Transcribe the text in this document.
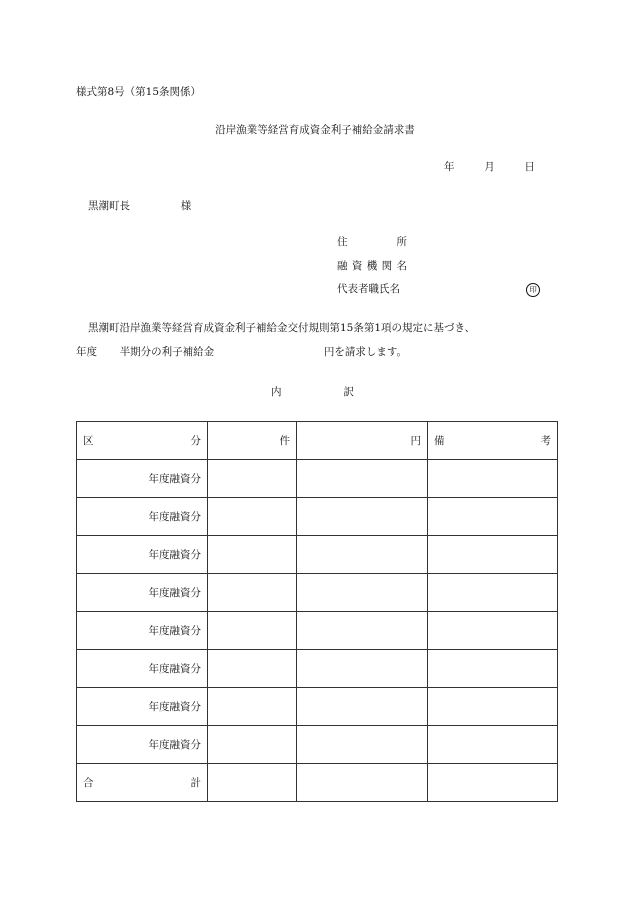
様式第8号（第15条関係）
沿岸漁業等経営育成資金利子補給金請求書
年	月	日
黒潮町長	様
住	所
融 資 機 関 名
代表者職氏名	印
黒潮町沿岸漁業等経営育成資金利子補給金交付規則第15条第1項の規定に基づき、
年度 半期分の利子補給金	円を請求します。
内	訳
区 分	件	円	備 考

年度融資分			
年度融資分			
年度融資分			
年度融資分			
年度融資分			
年度融資分			
年度融資分			
年度融資分			

合 計			
